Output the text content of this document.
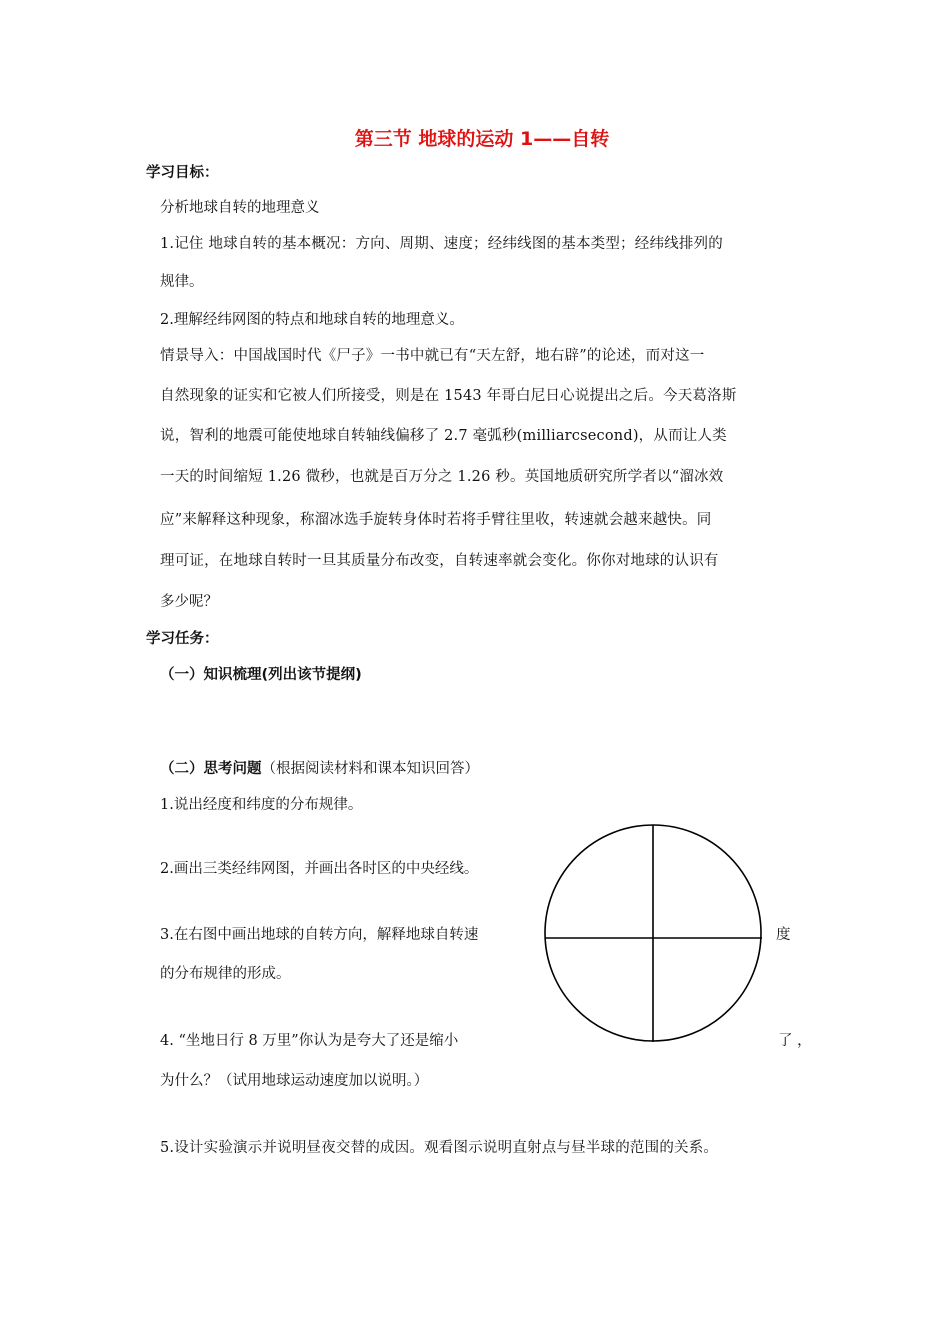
第三节 地球的运动 1——自转
学习目标：
分析地球自转的地理意义
1.记住 地球自转的基本概况：方向、周期、速度；经纬线图的基本类型；经纬线排列的
规律。
2.理解经纬网图的特点和地球自转的地理意义。
情景导入：中国战国时代《尸子》一书中就已有“天左舒，地右辟”的论述，而对这一
自然现象的证实和它被人们所接受，则是在 1543 年哥白尼日心说提出之后。今天葛洛斯
说，智利的地震可能使地球自转轴线偏移了 2.7 毫弧秒(milliarcsecond)，从而让人类
一天的时间缩短 1.26 微秒，也就是百万分之 1.26 秒。英国地质研究所学者以“溜冰效
应”来解释这种现象，称溜冰选手旋转身体时若将手臂往里收，转速就会越来越快。同
理可证，在地球自转时一旦其质量分布改变，自转速率就会变化。你你对地球的认识有
多少呢？
学习任务：
（一）知识梳理(列出该节提纲)
（二）思考问题（根据阅读材料和课本知识回答）
1.说出经度和纬度的分布规律。
2.画出三类经纬网图，并画出各时区的中央经线。
3.在右图中画出地球的自转方向，解释地球自转速	度
的分布规律的形成。
4. “坐地日行 8 万里”你认为是夸大了还是缩小	了 ，
为什么？（试用地球运动速度加以说明。）
5.设计实验演示并说明昼夜交替的成因。观看图示说明直射点与昼半球的范围的关系。
